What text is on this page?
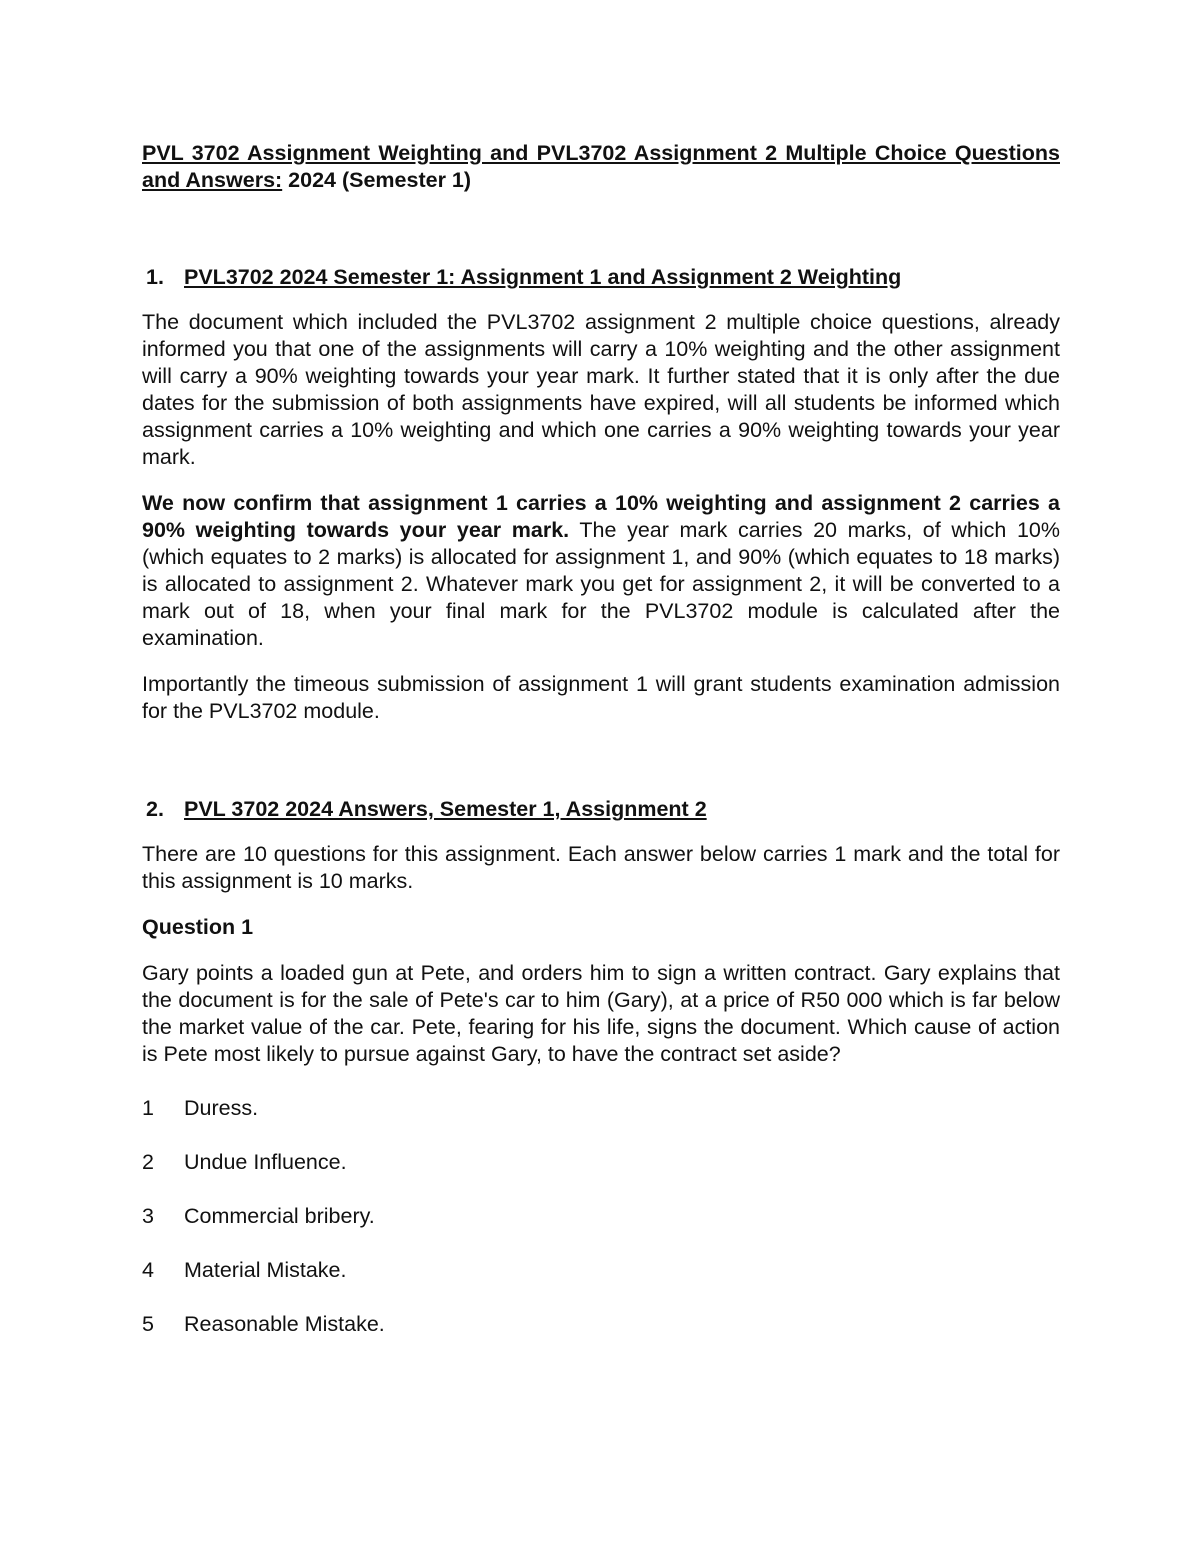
PVL 3702 Assignment Weighting and PVL3702 Assignment 2 Multiple Choice Questions and Answers: 2024 (Semester 1)

1. PVL3702 2024 Semester 1: Assignment 1 and Assignment 2 Weighting

The document which included the PVL3702 assignment 2 multiple choice questions, already informed you that one of the assignments will carry a 10% weighting and the other assignment will carry a 90% weighting towards your year mark. It further stated that it is only after the due dates for the submission of both assignments have expired, will all students be informed which assignment carries a 10% weighting and which one carries a 90% weighting towards your year mark.

We now confirm that assignment 1 carries a 10% weighting and assignment 2 carries a 90% weighting towards your year mark. The year mark carries 20 marks, of which 10% (which equates to 2 marks) is allocated for assignment 1, and 90% (which equates to 18 marks) is allocated to assignment 2. Whatever mark you get for assignment 2, it will be converted to a mark out of 18, when your final mark for the PVL3702 module is calculated after the examination.

Importantly the timeous submission of assignment 1 will grant students examination admission for the PVL3702 module.

2. PVL 3702 2024 Answers, Semester 1, Assignment 2

There are 10 questions for this assignment. Each answer below carries 1 mark and the total for this assignment is 10 marks.

Question 1

Gary points a loaded gun at Pete, and orders him to sign a written contract. Gary explains that the document is for the sale of Pete's car to him (Gary), at a price of R50 000 which is far below the market value of the car. Pete, fearing for his life, signs the document. Which cause of action is Pete most likely to pursue against Gary, to have the contract set aside?

1	Duress.
2	Undue Influence.
3	Commercial bribery.
4	Material Mistake.
5	Reasonable Mistake.
